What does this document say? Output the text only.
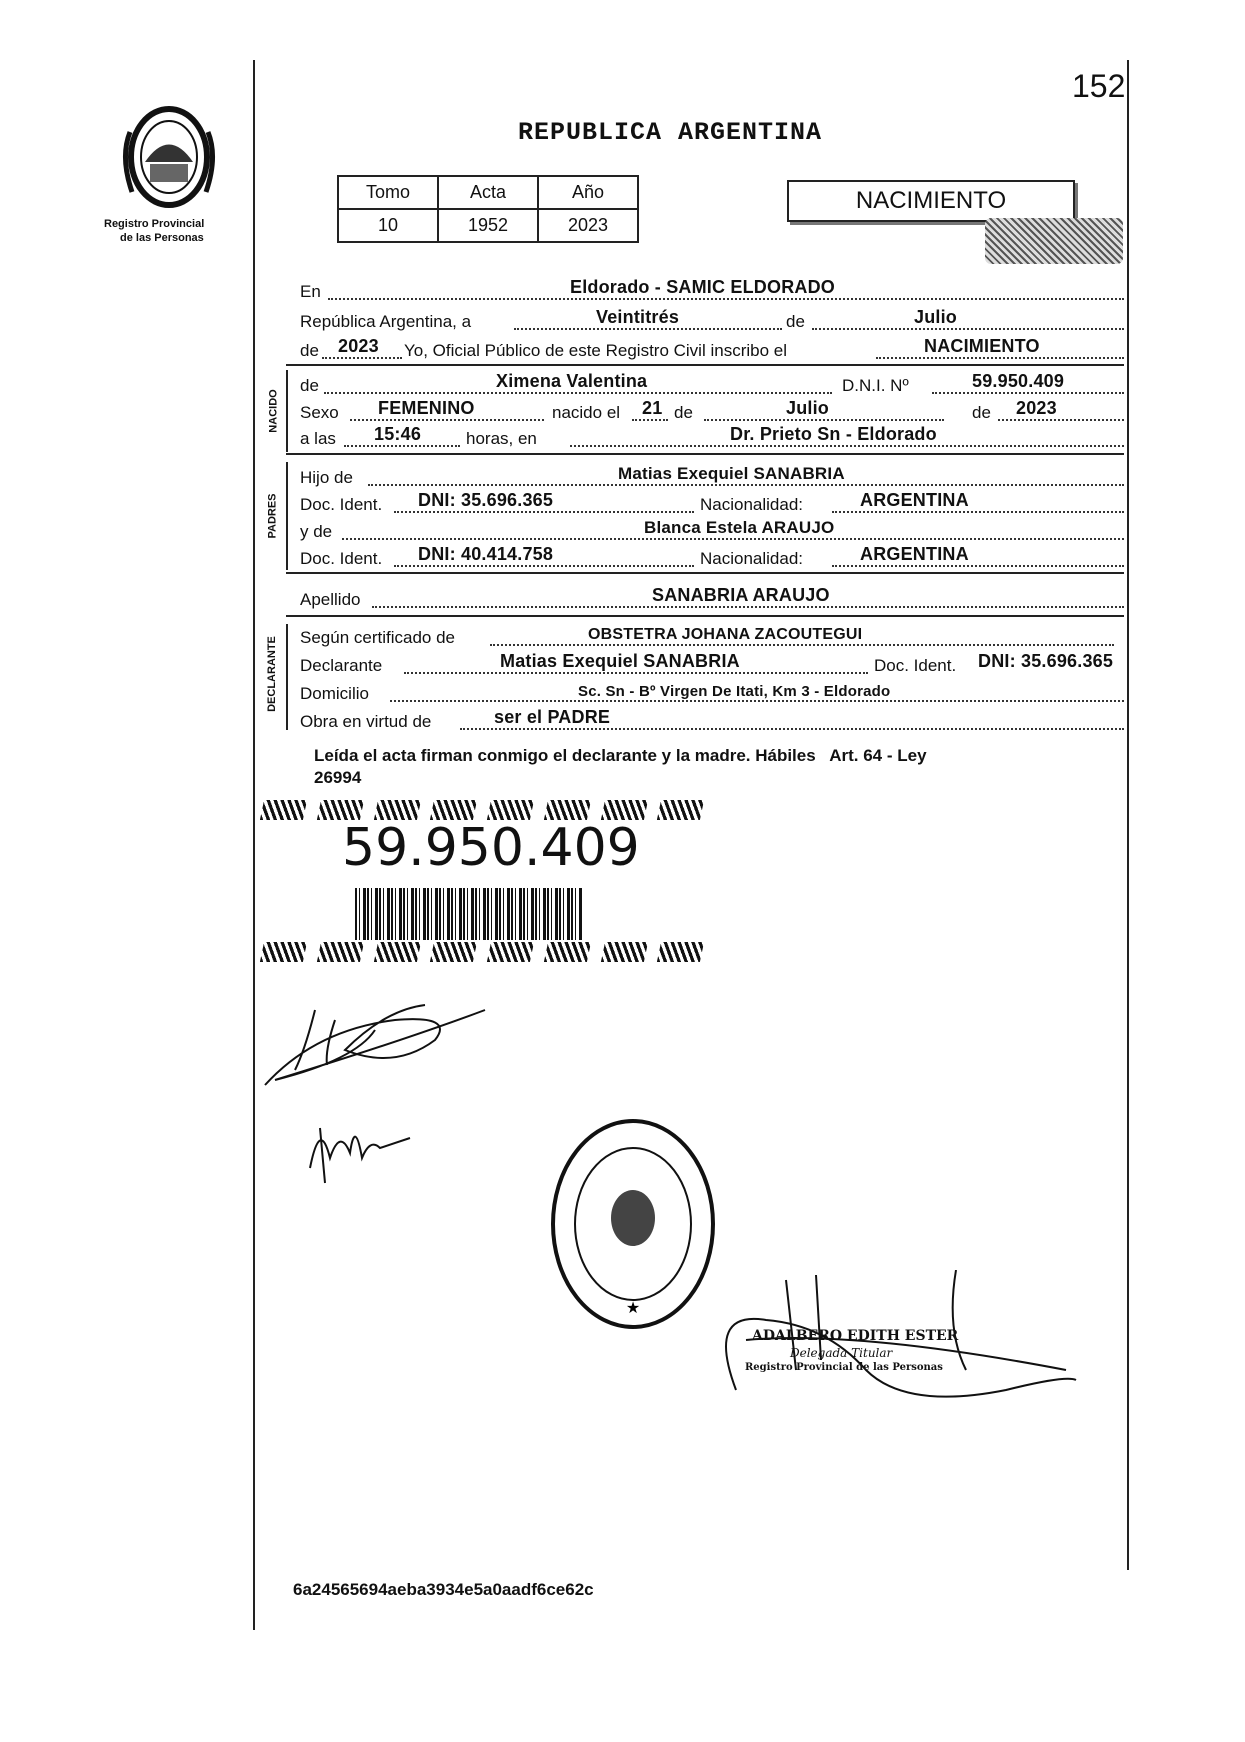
152
Registro Provincial
de las Personas
REPUBLICA ARGENTINA
Tomo	Acta	Año
10	1952	2023
NACIMIENTO
En	Eldorado - SAMIC ELDORADO
República Argentina, a	Veintitrés	de	Julio
de 2023 Yo, Oficial Público de este Registro Civil inscribo el	NACIMIENTO
NACIDO
de	Ximena Valentina	D.N.I. Nº	59.950.409
Sexo FEMENINO	nacido el 21 de	Julio	de 2023
a las 15:46	horas, en	Dr. Prieto Sn - Eldorado
PADRES
Hijo de	Matias Exequiel SANABRIA
Doc. Ident. DNI: 35.696.365	Nacionalidad:	ARGENTINA
y de	Blanca Estela ARAUJO
Doc. Ident. DNI: 40.414.758	Nacionalidad:	ARGENTINA
Apellido	SANABRIA ARAUJO
DECLARANTE Según certificado de	OBSTETRA JOHANA ZACOUTEGUI
Declarante	Matias Exequiel SANABRIA	Doc. Ident. DNI: 35.696.365
Domicilio	Sc. Sn - Bº Virgen De Itati, Km 3 - Eldorado
Obra en virtud de	ser el PADRE
Leída el acta firman conmigo el declarante y la madre. Hábiles   Art. 64 - Ley
26994
59.950.409
★
ADALBERO EDITH ESTER
Delegada Titular
Registro Provincial de las Personas
6a24565694aeba3934e5a0aadf6ce62c
